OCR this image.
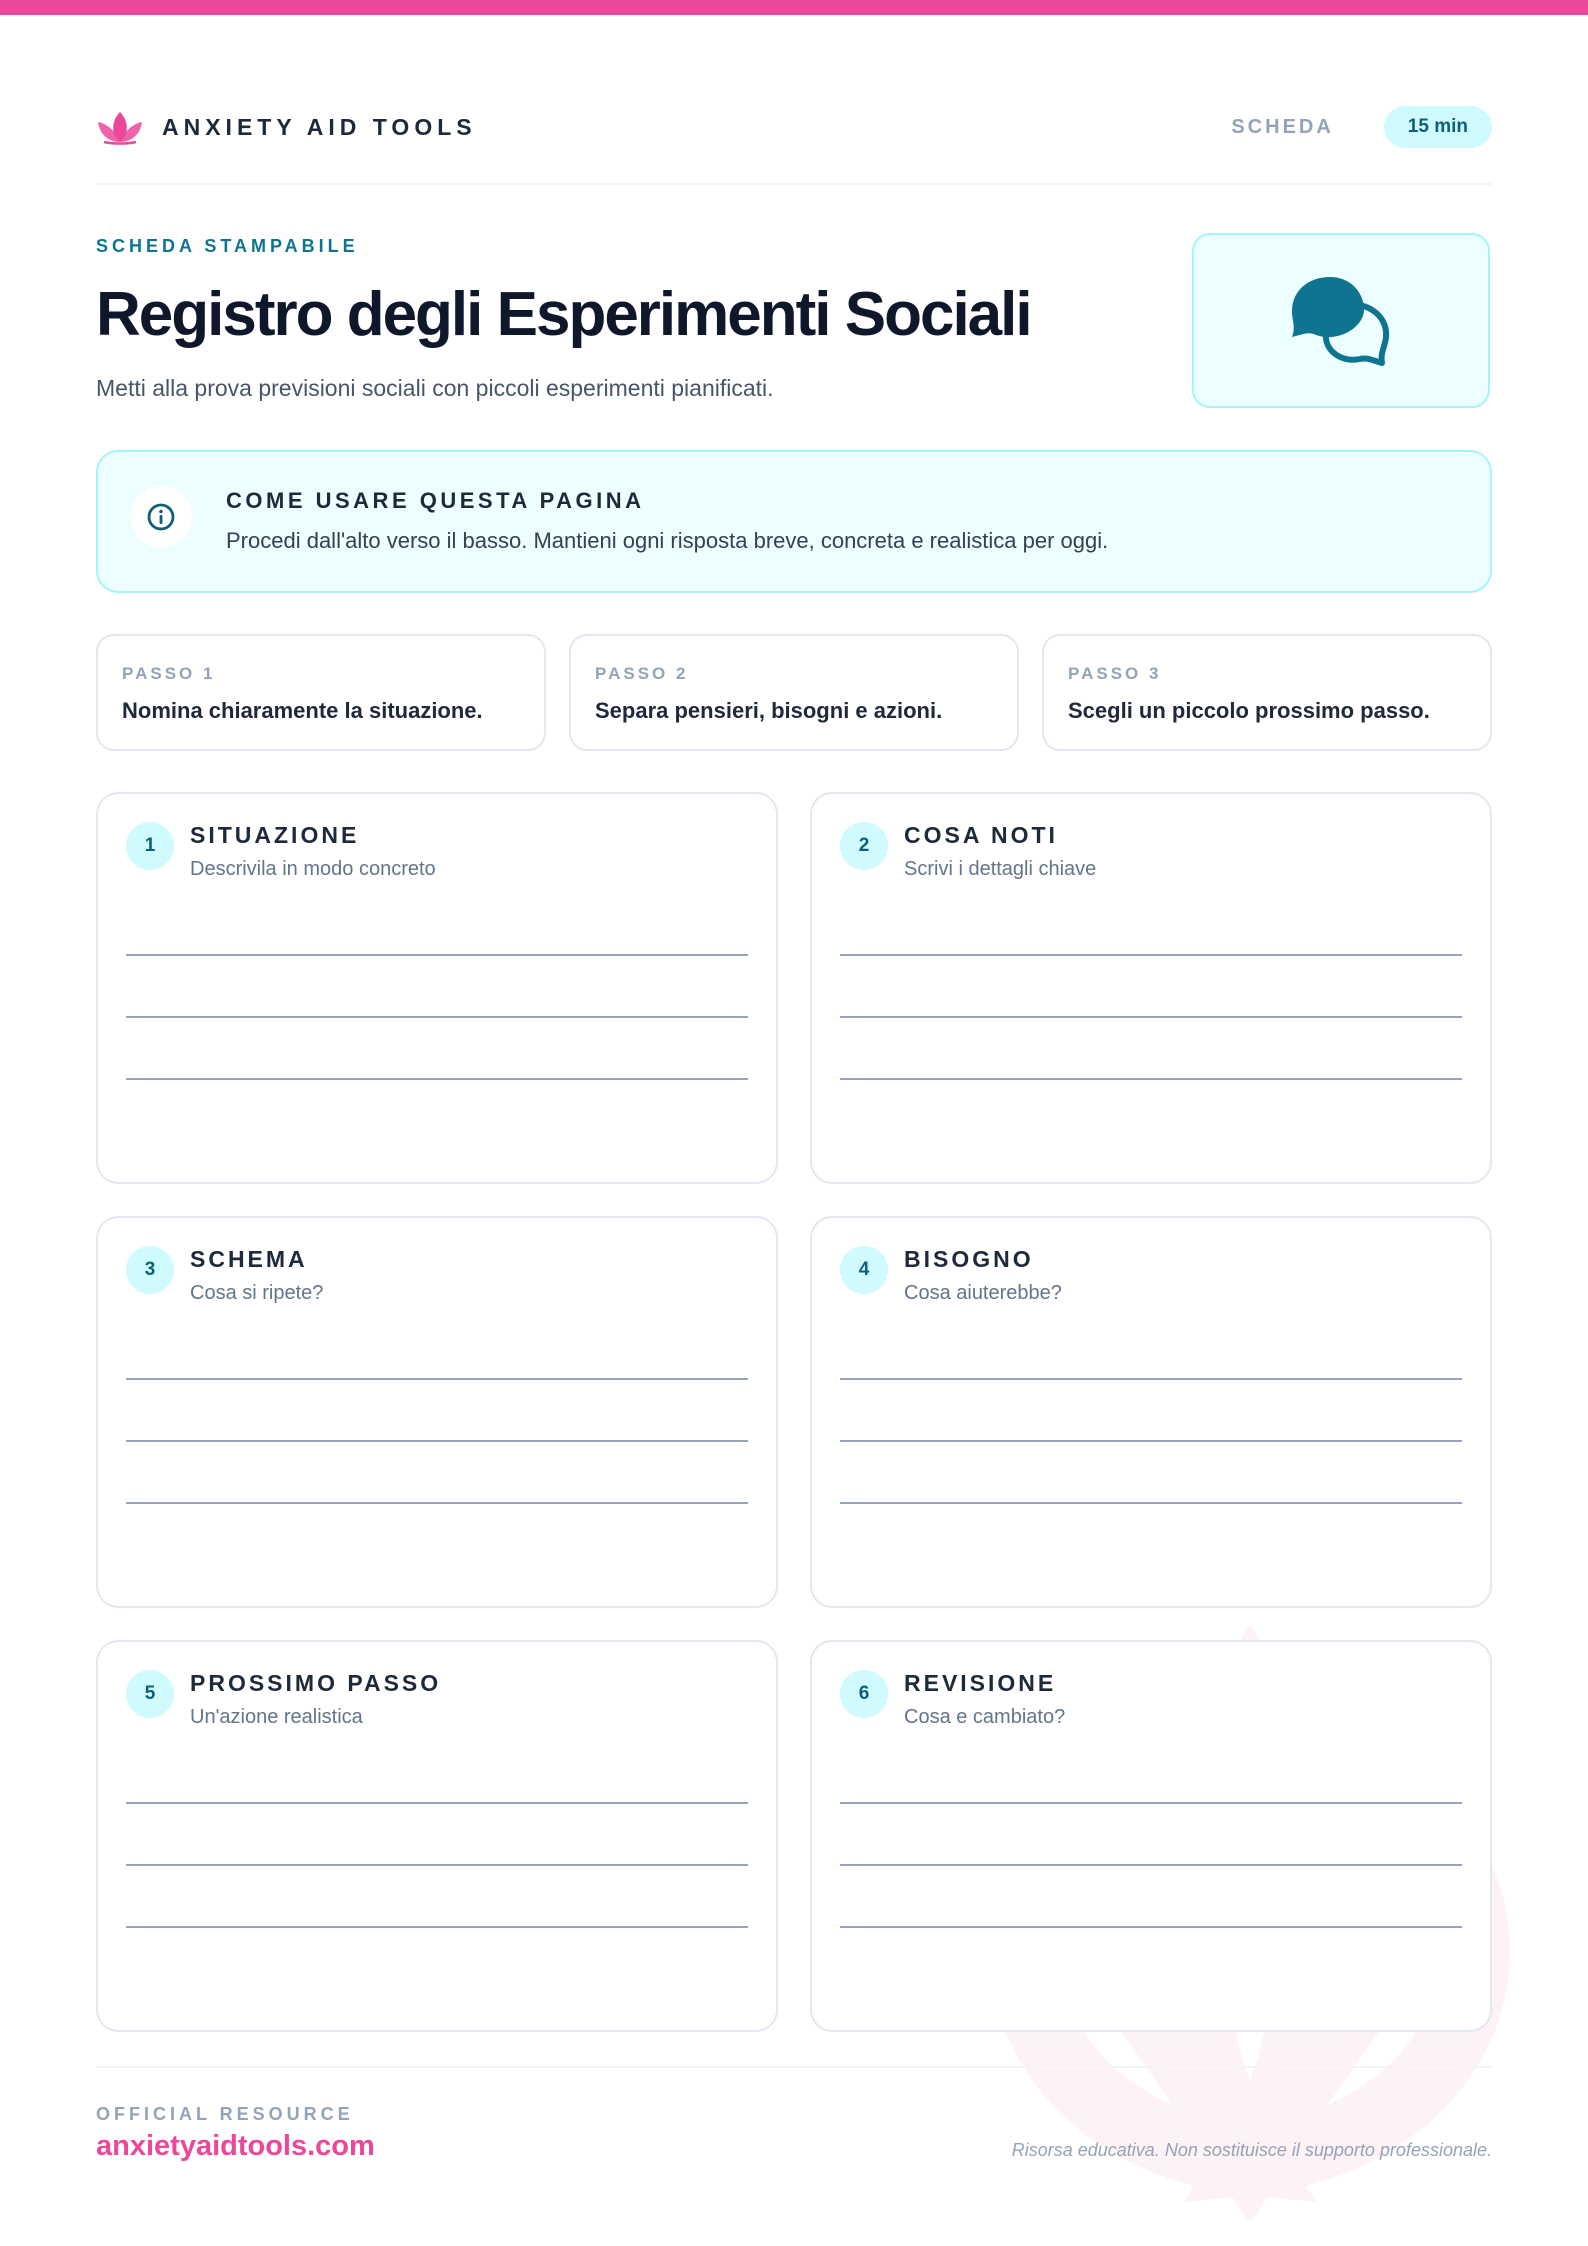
ANXIETY AID TOOLS	SCHEDA	15 min
SCHEDA STAMPABILE
Registro degli Esperimenti Sociali
Metti alla prova previsioni sociali con piccoli esperimenti pianificati.
COME USARE QUESTA PAGINA
Procedi dall'alto verso il basso. Mantieni ogni risposta breve, concreta e realistica per oggi.
PASSO 1
Nomina chiaramente la situazione.
PASSO 2
Separa pensieri, bisogni e azioni.
PASSO 3
Scegli un piccolo prossimo passo.
1	SITUAZIONE
Descrivila in modo concreto
2	COSA NOTI
Scrivi i dettagli chiave
3	SCHEMA
Cosa si ripete?
4	BISOGNO
Cosa aiuterebbe?
5	PROSSIMO PASSO
Un'azione realistica
6	REVISIONE
Cosa e cambiato?
OFFICIAL RESOURCE
anxietyaidtools.com	Risorsa educativa. Non sostituisce il supporto professionale.
